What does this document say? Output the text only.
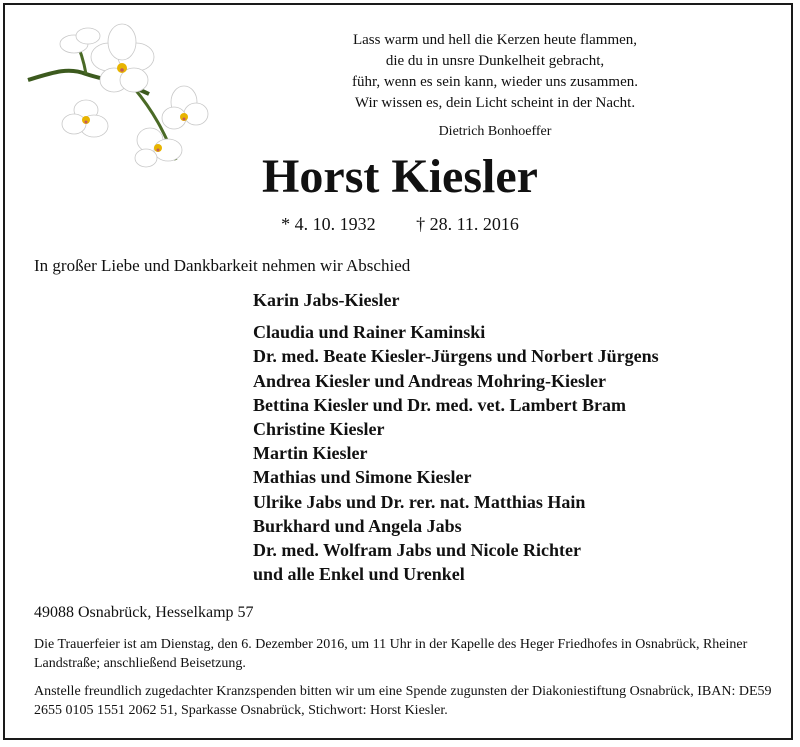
Lass warm und hell die Kerzen heute flammen,
die du in unsre Dunkelheit gebracht,
führ, wenn es sein kann, wieder uns zusammen.
Wir wissen es, dein Licht scheint in der Nacht.
Dietrich Bonhoeffer
Horst Kiesler
* 4. 10. 1932 † 28. 11. 2016
In großer Liebe und Dankbarkeit nehmen wir Abschied
Karin Jabs-Kiesler
Claudia und Rainer Kaminski
Dr. med. Beate Kiesler-Jürgens und Norbert Jürgens
Andrea Kiesler und Andreas Mohring-Kiesler
Bettina Kiesler und Dr. med. vet. Lambert Bram
Christine Kiesler
Martin Kiesler
Mathias und Simone Kiesler
Ulrike Jabs und Dr. rer. nat. Matthias Hain
Burkhard und Angela Jabs
Dr. med. Wolfram Jabs und Nicole Richter
und alle Enkel und Urenkel
49088 Osnabrück, Hesselkamp 57
Die Trauerfeier ist am Dienstag, den 6. Dezember 2016, um 11 Uhr in der Kapelle des Heger Friedhofes in Osnabrück, Rheiner Landstraße; anschließend Beisetzung.
Anstelle freundlich zugedachter Kranzspenden bitten wir um eine Spende zugunsten der Diakoniestiftung Osnabrück, IBAN: DE59 2655 0105 1551 2062 51, Sparkasse Osnabrück, Stichwort: Horst Kiesler.
